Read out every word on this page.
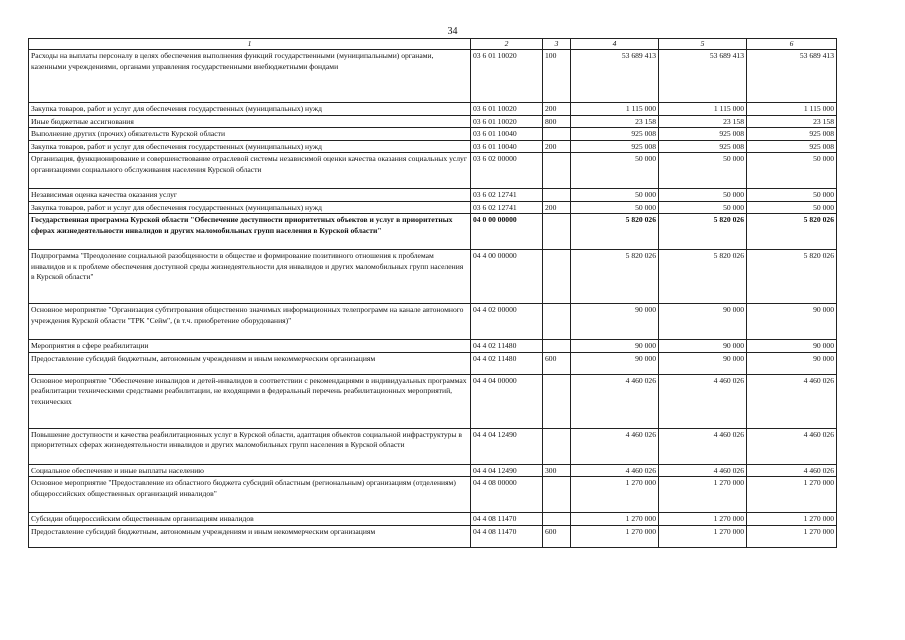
34
1	2	3	4	5	6
Расходы на выплаты персоналу в целях обеспечения выполнения функций государственными (муниципальными) органами, казенными учреждениями, органами управления государственными внебюджетными фондами	03 6 01 10020	100	53 689 413	53 689 413	53 689 413
Закупка товаров, работ и услуг для обеспечения государственных (муниципальных) нужд	03 6 01 10020	200	1 115 000	1 115 000	1 115 000
Иные бюджетные ассигнования	03 6 01 10020	800	23 158	23 158	23 158
Выполнение других (прочих) обязательств Курской области	03 6 01 10040		925 008	925 008	925 008
Закупка товаров, работ и услуг для обеспечения государственных (муниципальных) нужд	03 6 01 10040	200	925 008	925 008	925 008
Организация, функционирование и совершенствование отраслевой системы независимой оценки качества оказания социальных услуг организациями социального обслуживания населения Курской области	03 6 02 00000		50 000	50 000	50 000
Независимая оценка качества оказания услуг	03 6 02 12741		50 000	50 000	50 000
Закупка товаров, работ и услуг для обеспечения государственных (муниципальных) нужд	03 6 02 12741	200	50 000	50 000	50 000
Государственная программа Курской области "Обеспечение доступности приоритетных объектов и услуг в приоритетных сферах жизнедеятельности инвалидов и других маломобильных групп населения в Курской области"	04 0 00 00000		5 820 026	5 820 026	5 820 026
Подпрограмма "Преодоление социальной разобщенности в обществе и формирование позитивного отношения к проблемам инвалидов и к проблеме обеспечения доступной среды жизнедеятельности для инвалидов и других маломобильных групп населения в Курской области"	04 4 00 00000		5 820 026	5 820 026	5 820 026
Основное мероприятие "Организация субтитрования общественно значимых информационных телепрограмм на канале автономного учреждения Курской области "ТРК "Сейм", (в т.ч. приобретение оборудования)"	04 4 02 00000		90 000	90 000	90 000
Мероприятия в сфере реабилитации	04 4 02 11480		90 000	90 000	90 000
Предоставление субсидий бюджетным, автономным учреждениям и иным некоммерческим организациям	04 4 02 11480	600	90 000	90 000	90 000
Основное мероприятие "Обеспечение инвалидов и детей-инвалидов в соответствии с рекомендациями в индивидуальных программах реабилитации техническими средствами реабилитации, не входящими в федеральный перечень реабилитационных мероприятий, технических	04 4 04 00000		4 460 026	4 460 026	4 460 026
Повышение доступности и качества реабилитационных услуг в Курской области, адаптация объектов социальной инфраструктуры в приоритетных сферах жизнедеятельности инвалидов и других маломобильных групп населения в Курской области	04 4 04 12490		4 460 026	4 460 026	4 460 026
Социальное обеспечение и иные выплаты населению	04 4 04 12490	300	4 460 026	4 460 026	4 460 026
Основное мероприятие "Предоставление из областного бюджета субсидий областным (региональным) организациям (отделениям) общероссийских общественных организаций инвалидов"	04 4 08 00000		1 270 000	1 270 000	1 270 000
Субсидии общероссийским общественным организациям инвалидов	04 4 08 11470		1 270 000	1 270 000	1 270 000
Предоставление субсидий бюджетным, автономным учреждениям и иным некоммерческим организациям	04 4 08 11470	600	1 270 000	1 270 000	1 270 000
